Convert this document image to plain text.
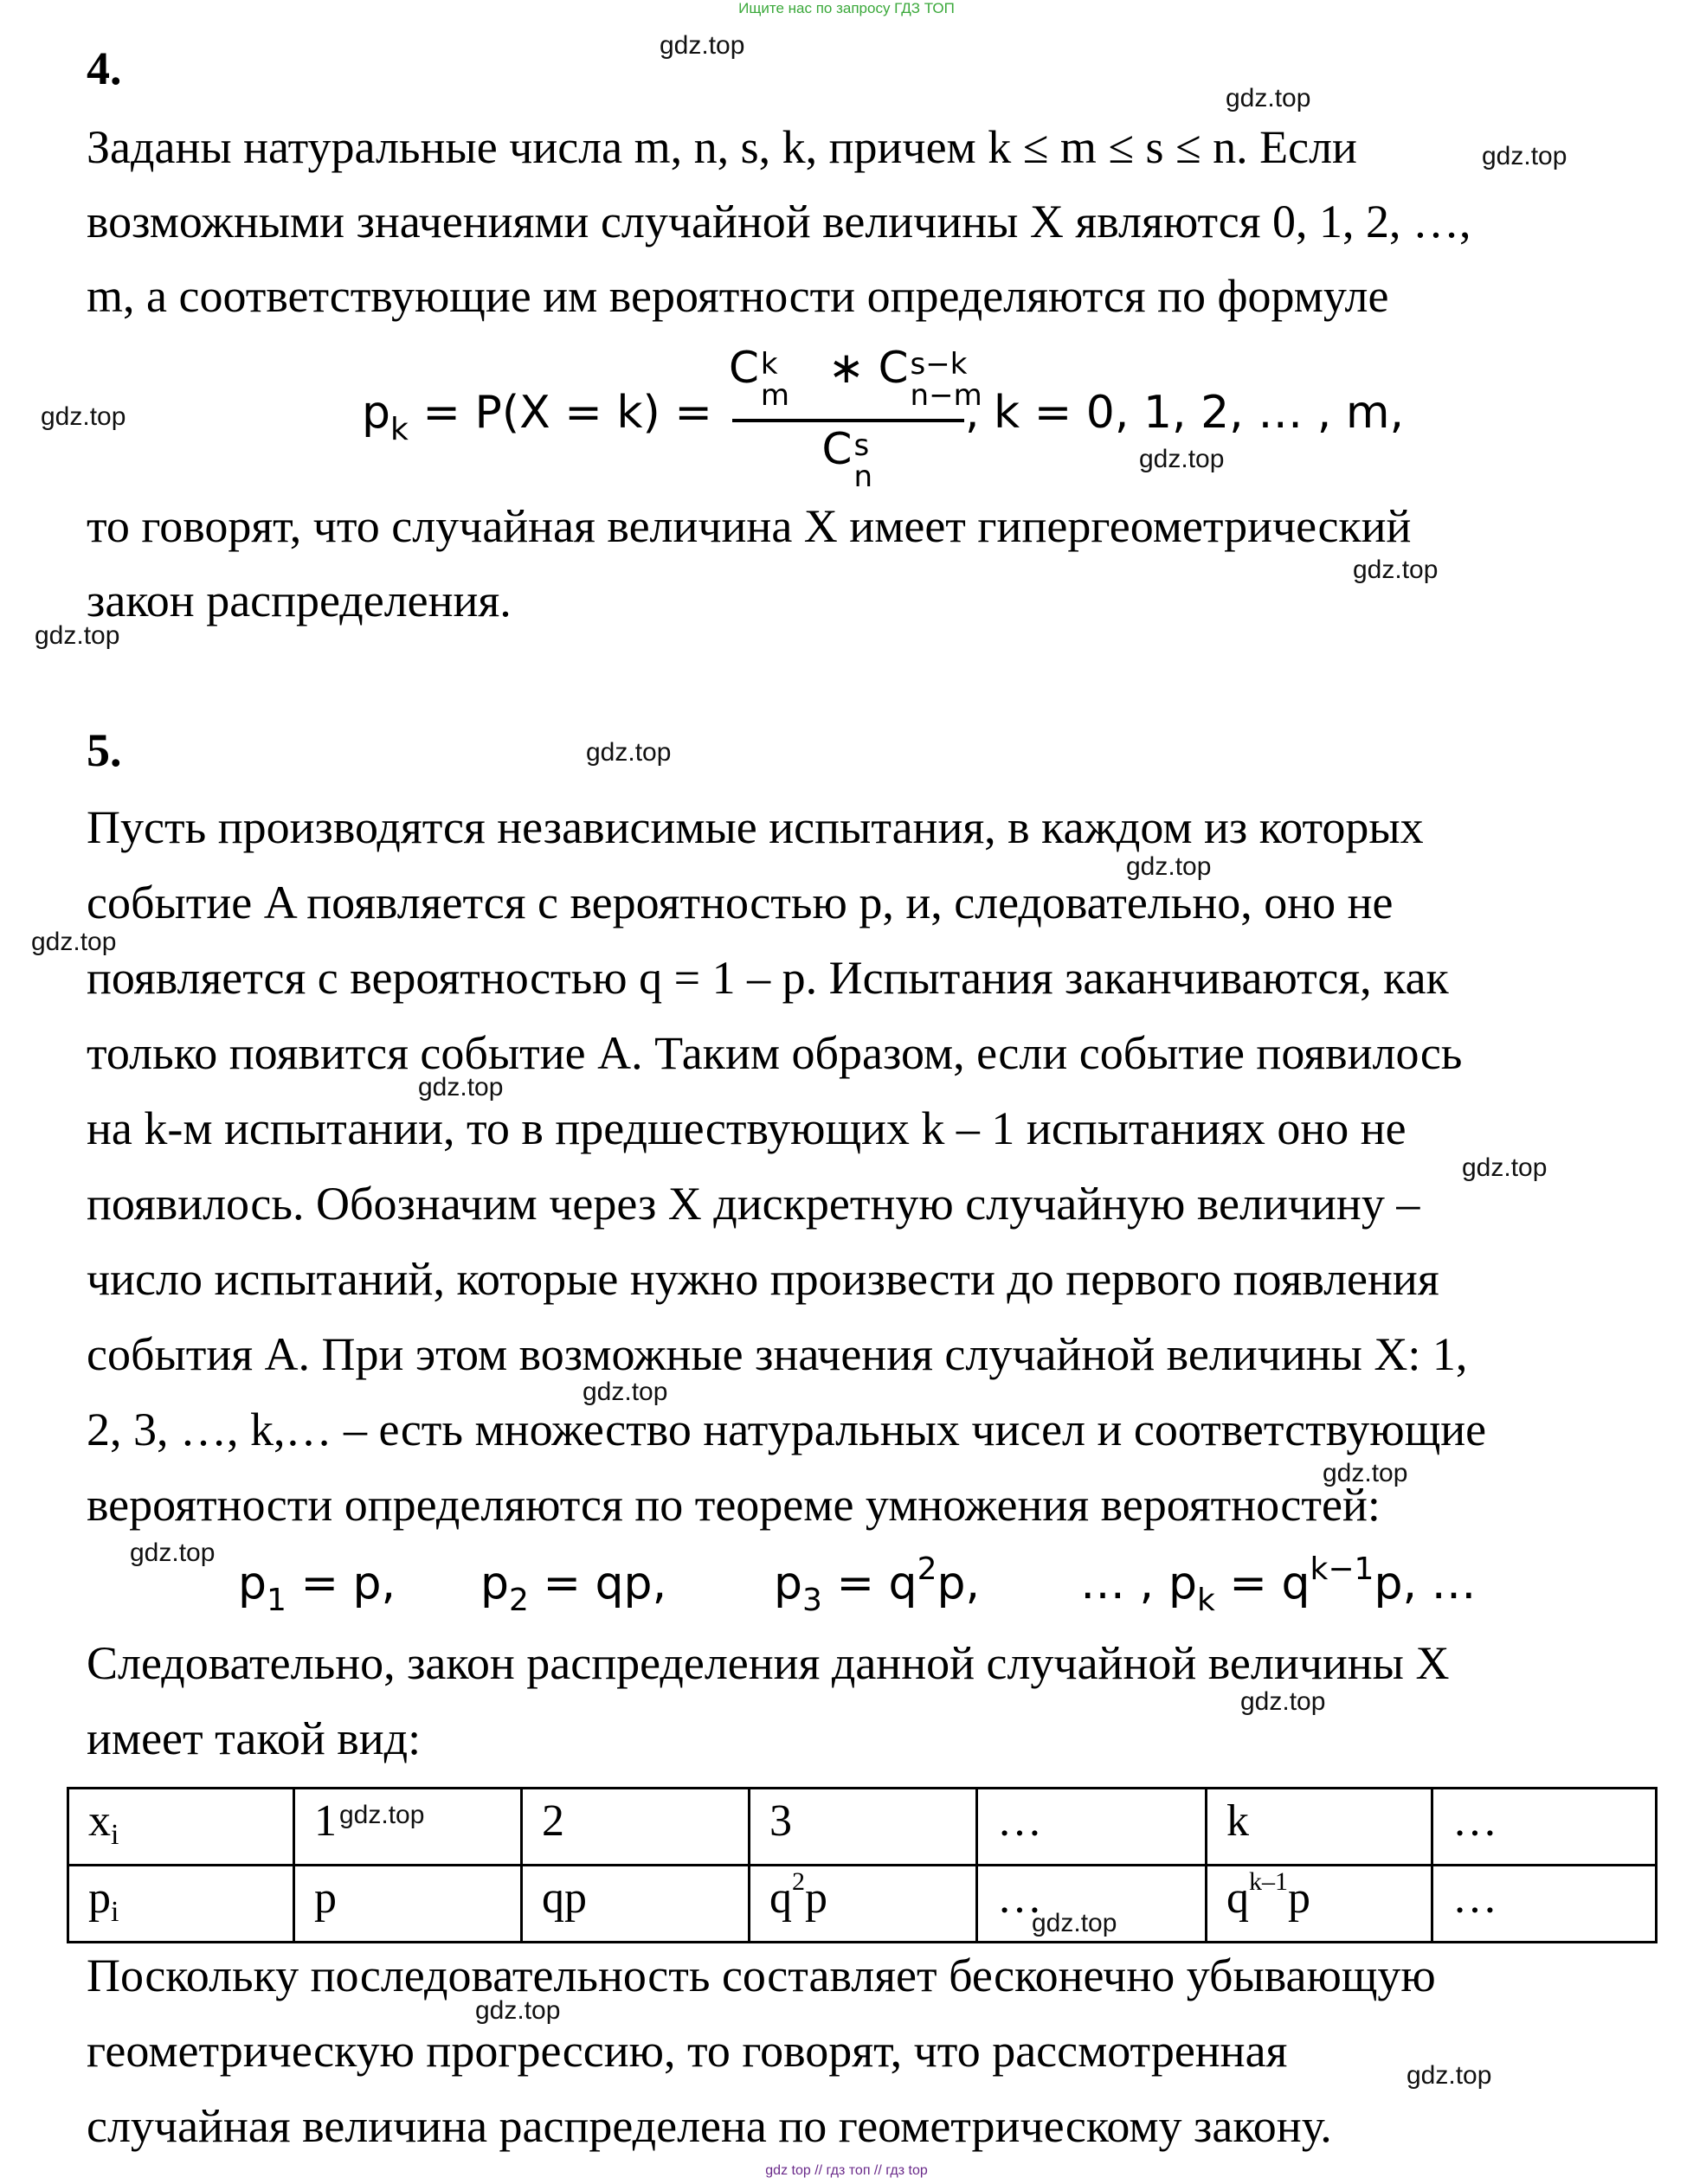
Ищите нас по запросу ГДЗ ТОП
4.
Заданы натуральные числа m, n, s, k, причем k ≤ m ≤ s ≤ n. Если
возможными значениями случайной величины X являются 0, 1, 2, …,
m, а соответствующие им вероятности определяются по формуле
$p_k = P(X = k)$ =
C k
m
∗ C s−k
n−m
C s
n
, k = 0, 1, 2, … , m,
то говорят, что случайная величина X имеет гипергеометрический
закон распределения.
5.
Пусть производятся независимые испытания, в каждом из которых
событие A появляется с вероятностью p, и, следовательно, оно не
появляется с вероятностью q = 1 – p. Испытания заканчиваются, как
только появится событие A. Таким образом, если событие появилось
на k-м испытании, то в предшествующих k – 1 испытаниях оно не
появилось. Обозначим через X дискретную случайную величину –
число испытаний, которые нужно произвести до первого появления
события A. При этом возможные значения случайной величины X: 1,
2, 3, …, k,… – есть множество натуральных чисел и соответствующие
вероятности определяются по теореме умножения вероятностей:
$p_1 = p$, $p_2$ = qp, $p_3 = q^2p$, … , $p_k = q^{k-1}p$, …
Следовательно, закон распределения данной случайной величины X
имеет такой вид:
xi	1	2	3	…	k	…
pi	p	qp	$q^2p$	…	$q^{k-1}p$	…
Поскольку последовательность составляет бесконечно убывающую
геометрическую прогрессию, то говорят, что рассмотренная
случайная величина распределена по геометрическому закону.
gdz.top
gdz.top
gdz.top
gdz.top
gdz.top
gdz.top
gdz.top
gdz.top
gdz.top
gdz.top
gdz.top
gdz.top
gdz.top
gdz.top
gdz.top
gdz.top
gdz.top
gdz.top
gdz.top
gdz.top
gdz top // гдз топ // гдз top
